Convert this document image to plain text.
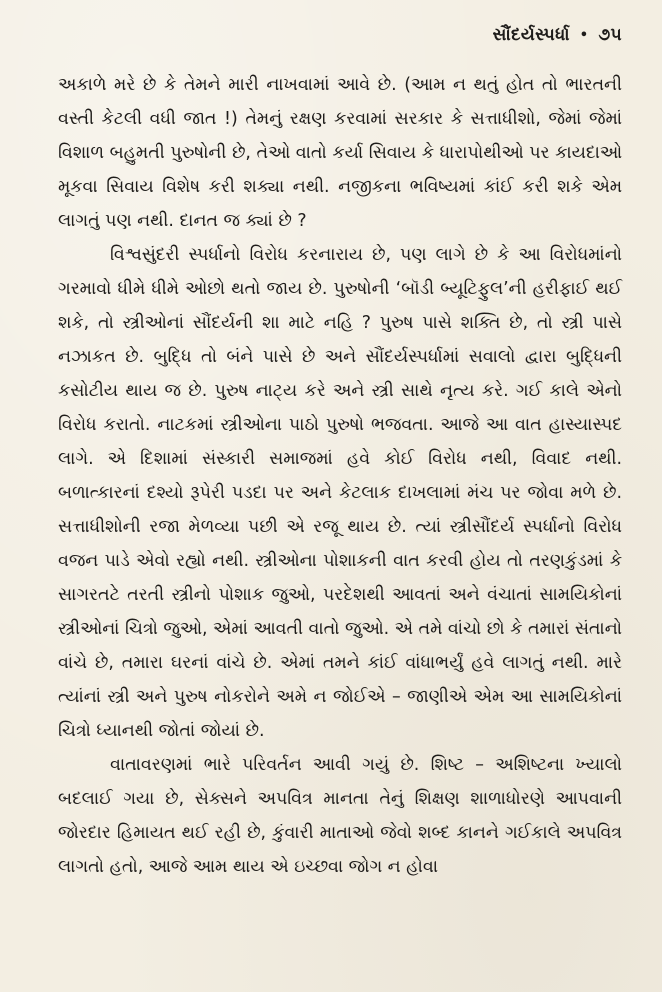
સૌંદર્યસ્પર્ધા • ૭૫

અકાળે મરે છે કે તેમને મારી નાખવામાં આવે છે. (આમ ન થતું હોત તો ભારતની વસ્તી કેટલી વધી જાત !) તેમનું રક્ષણ કરવામાં સરકાર કે સત્તાધીશો, જેમાં જેમાં વિશાળ બહુમતી પુરુષોની છે, તેઓ વાતો કર્યા સિવાય કે ધારાપોથીઓ પર કાયદાઓ મૂકવા સિવાય વિશેષ કરી શક્યા નથી. નજીકના ભવિષ્યમાં કાંઈ કરી શકે એમ લાગતું પણ નથી. દાનત જ ક્યાં છે ?

વિશ્વસુંદરી સ્પર્ધાનો વિરોધ કરનારાય છે, પણ લાગે છે કે આ વિરોધમાંનો ગરમાવો ધીમે ધીમે ઓછો થતો જાય છે. પુરુષોની ‘બૉડી બ્યૂટિફુલ’ની હરીફાઈ થઈ શકે, તો સ્ત્રીઓનાં સૌંદર્યની શા માટે નહિ ? પુરુષ પાસે શક્તિ છે, તો સ્ત્રી પાસે નઝાકત છે. બુદ્ધિ તો બંને પાસે છે અને સૌંદર્યસ્પર્ધામાં સવાલો દ્વારા બુદ્ધિની કસોટીય થાય જ છે. પુરુષ નાટ્ય કરે અને સ્ત્રી સાથે નૃત્ય કરે. ગઈ કાલે એનો વિરોધ કરાતો. નાટકમાં સ્ત્રીઓના પાઠો પુરુષો ભજવતા. આજે આ વાત હાસ્યાસ્પદ લાગે. એ દિશામાં સંસ્કારી સમાજમાં હવે કોઈ વિરોધ નથી, વિવાદ નથી. બળાત્કારનાં દશ્યો રૂપેરી પડદા પર અને કેટલાક દાખલામાં મંચ પર જોવા મળે છે. સત્તાધીશોની રજા મેળવ્યા પછી એ રજૂ થાય છે. ત્યાં સ્ત્રીસૌંદર્ય સ્પર્ધાનો વિરોધ વજન પાડે એવો રહ્યો નથી. સ્ત્રીઓના પોશાકની વાત કરવી હોય તો તરણકુંડમાં કે સાગરતટે તરતી સ્ત્રીનો પોશાક જુઓ, પરદેશથી આવતાં અને વંચાતાં સામયિકોનાં સ્ત્રીઓનાં ચિત્રો જુઓ, એમાં આવતી વાતો જુઓ. એ તમે વાંચો છો કે તમારાં સંતાનો વાંચે છે, તમારા ઘરનાં વાંચે છે. એમાં તમને કાંઈ વાંધાભર્યું હવે લાગતું નથી. મારે ત્યાંનાં સ્ત્રી અને પુરુષ નોકરોને અમે ન જોઈએ – જાણીએ એમ આ સામયિકોનાં ચિત્રો ધ્યાનથી જોતાં જોયાં છે.

વાતાવરણમાં ભારે પરિવર્તન આવી ગયું છે. શિષ્ટ – અશિષ્ટના ખ્યાલો બદલાઈ ગયા છે, સેક્સને અપવિત્ર માનતા તેનું શિક્ષણ શાળાધોરણે આપવાની જોરદાર હિમાયત થઈ રહી છે, કુંવારી માતાઓ જેવો શબ્દ કાનને ગઈકાલે અપવિત્ર લાગતો હતો, આજે આમ થાય એ ઇચ્છવા જોગ ન હોવા
